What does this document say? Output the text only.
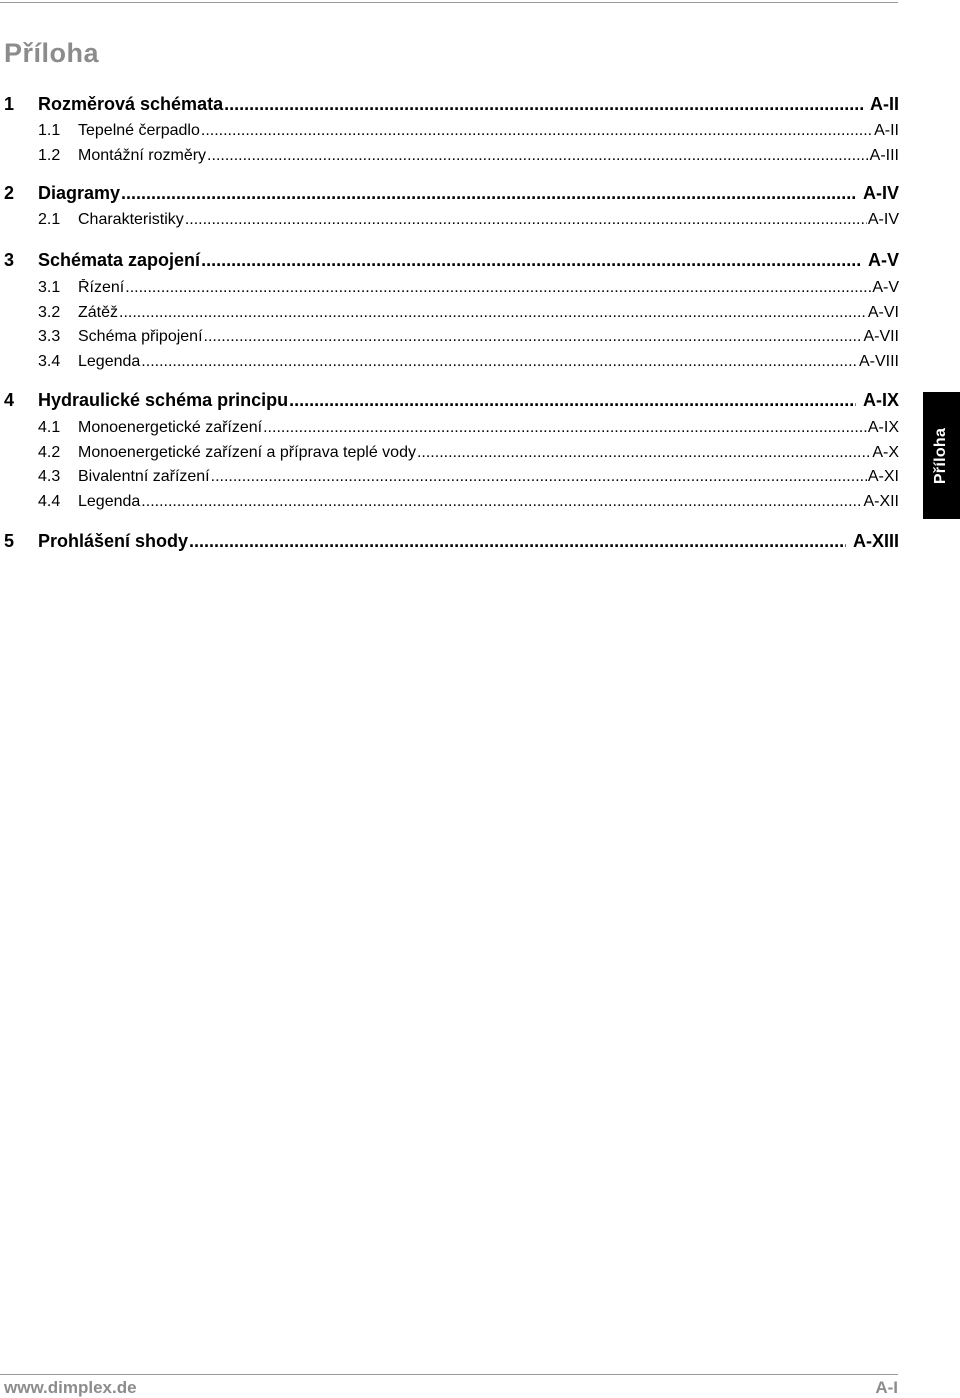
Příloha
1	Rozměrová schémata .....	A-II
1.1	Tepelné čerpadlo .....	A-II
1.2	Montážní rozměry .....	A-III
2	Diagramy .....	A-IV
2.1	Charakteristiky .....	A-IV
3	Schémata zapojení .....	A-V
3.1	Řízení .....	A-V
3.2	Zátěž .....	A-VI
3.3	Schéma připojení .....	A-VII
3.4	Legenda .....	A-VIII
4	Hydraulické schéma principu .....	A-IX
4.1	Monoenergetické zařízení .....	A-IX
4.2	Monoenergetické zařízení a příprava teplé vody .....	A-X
4.3	Bivalentní zařízení .....	A-XI
4.4	Legenda .....	A-XII
5	Prohlášení shody .....	A-XIII
Příloha
www.dimplex.de	A-I
